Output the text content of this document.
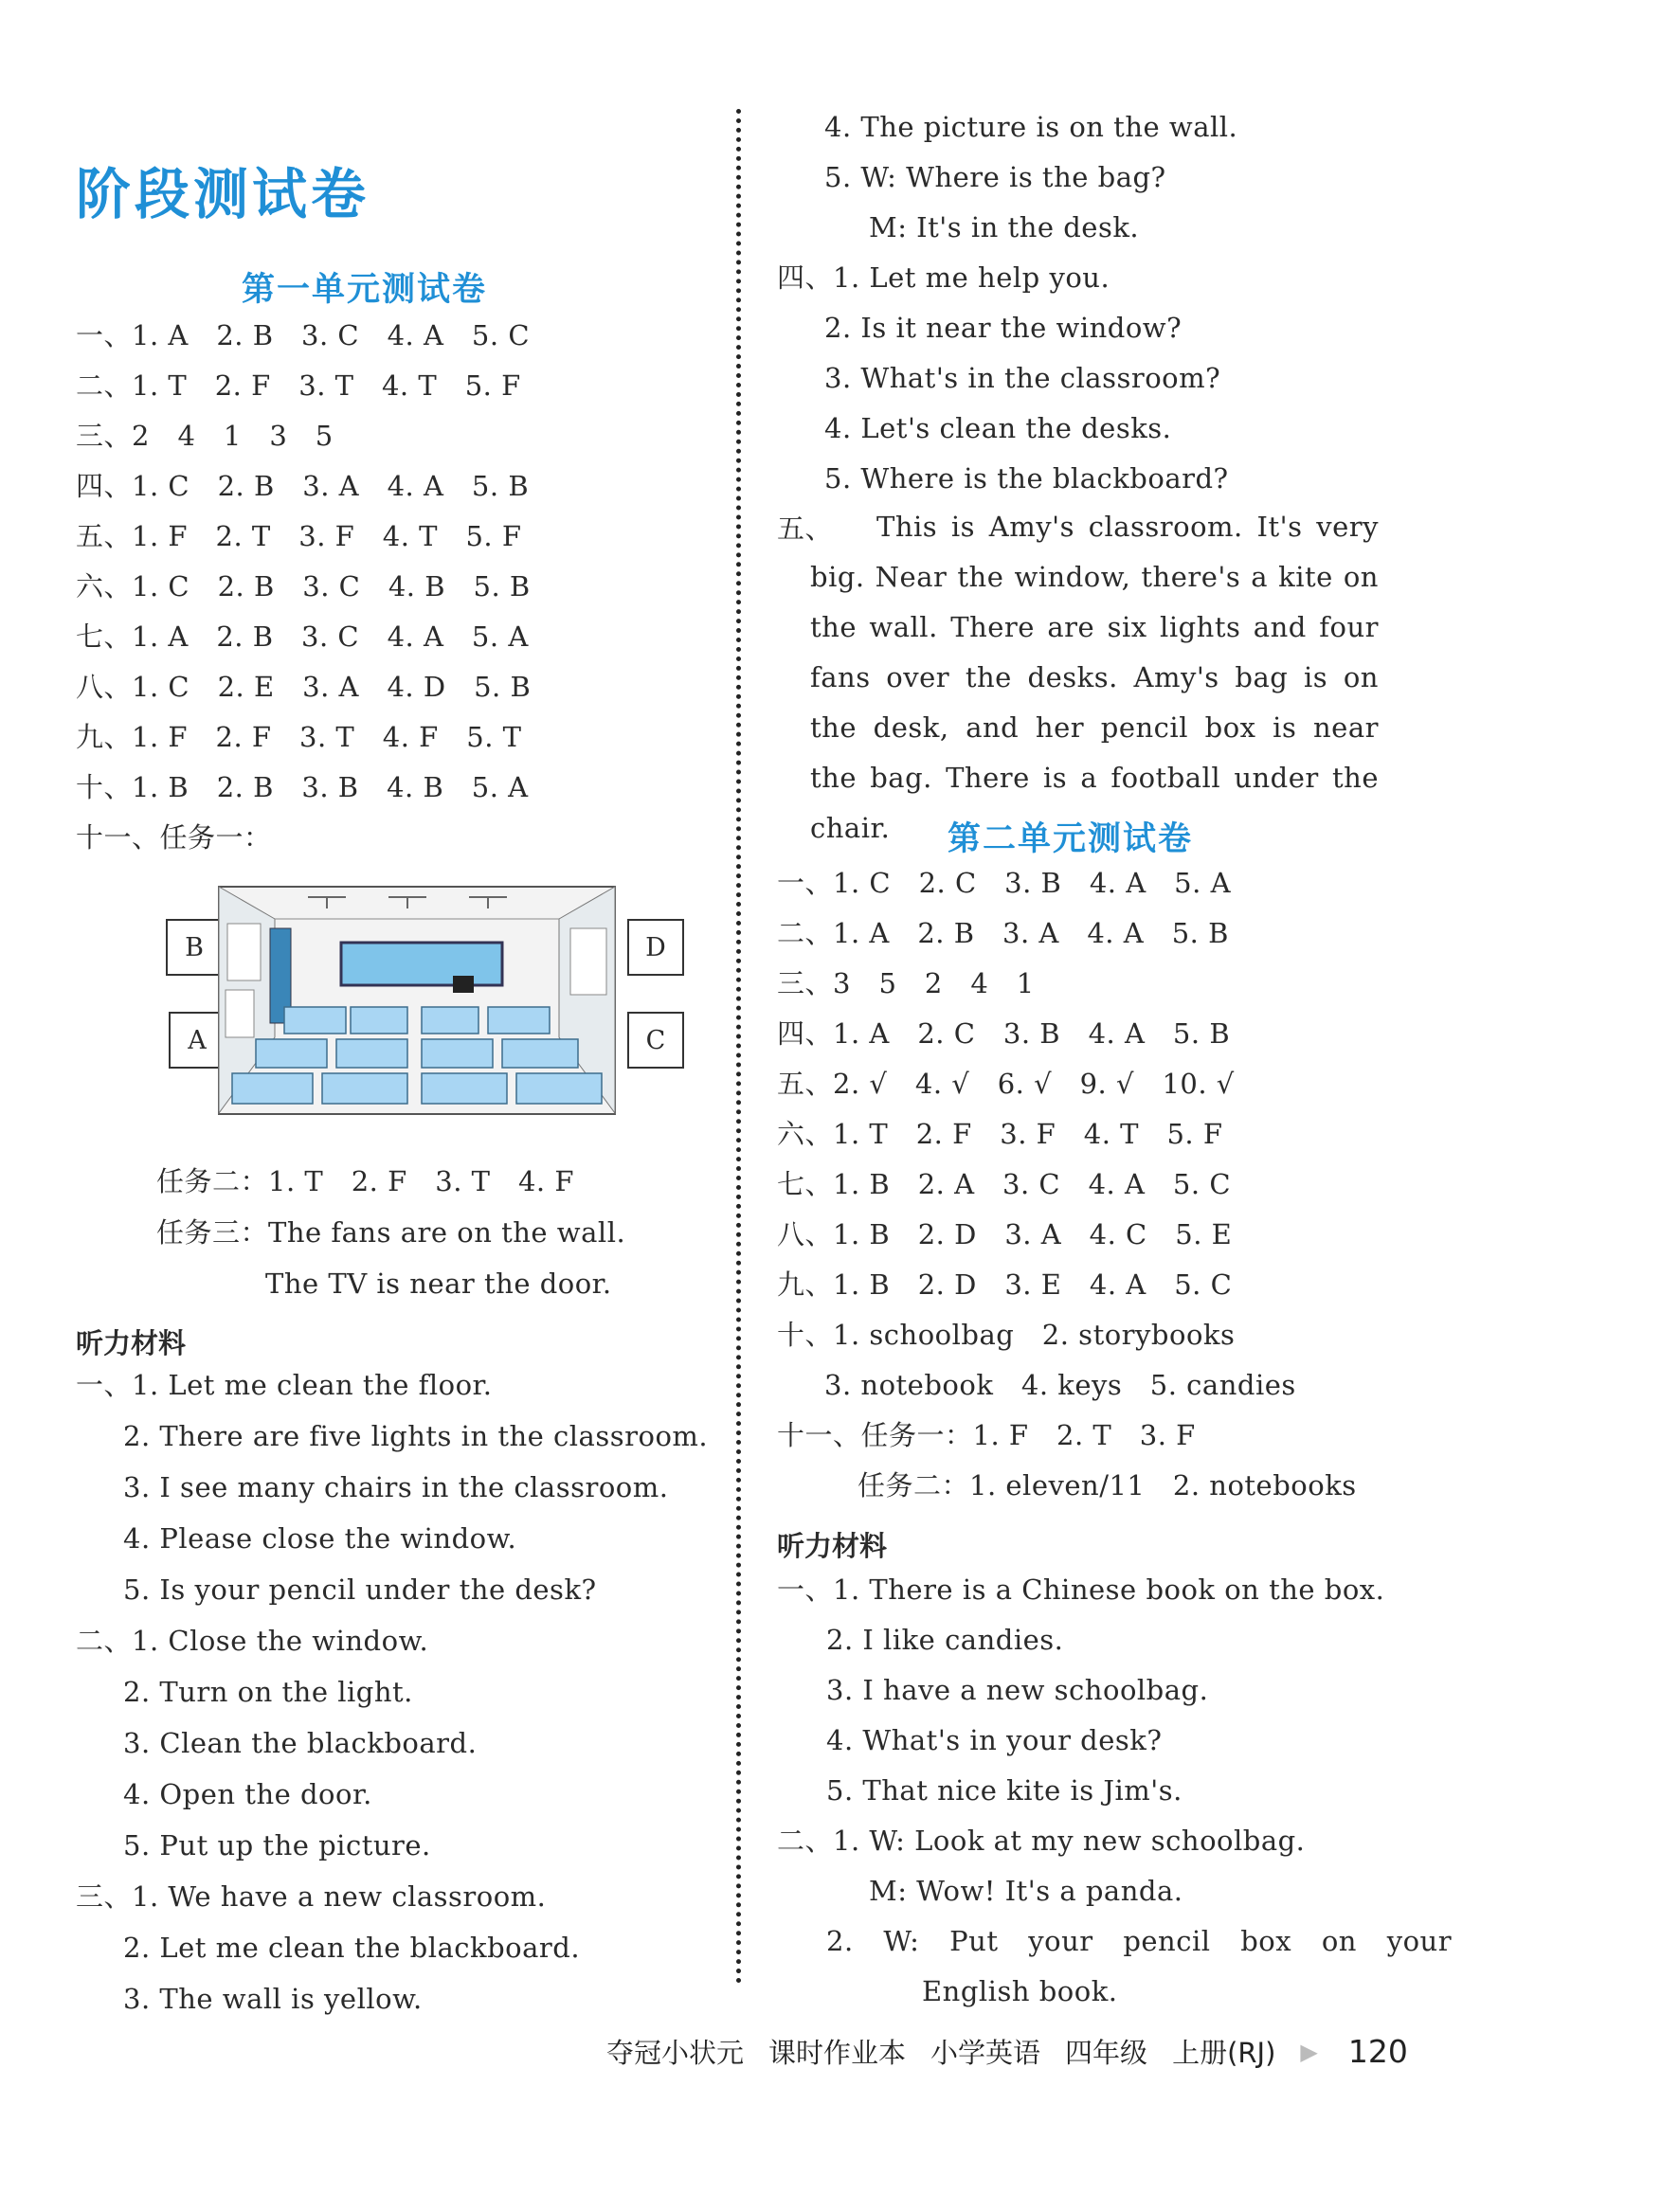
阶段测试卷
第一单元测试卷
一、1. A　2. B　3. C　4. A　5. C
二、1. T　2. F　3. T　4. T　5. F
三、2　4　1　3　5
四、1. C　2. B　3. A　4. A　5. B
五、1. F　2. T　3. F　4. T　5. F
六、1. C　2. B　3. C　4. B　5. B
七、1. A　2. B　3. C　4. A　5. A
八、1. C　2. E　3. A　4. D　5. B
九、1. F　2. F　3. T　4. F　5. T
十、1. B　2. B　3. B　4. B　5. A
十一、任务一：
B
A
D
C
任务二：1. T　2. F　3. T　4. F
任务三：The fans are on the wall.
The TV is near the door.
听力材料
一、1. Let me clean the floor.
2. There are five lights in the classroom.
3. I see many chairs in the classroom.
4. Please close the window.
5. Is your pencil under the desk?
二、1. Close the window.
2. Turn on the light.
3. Clean the blackboard.
4. Open the door.
5. Put up the picture.
三、1. We have a new classroom.
2. Let me clean the blackboard.
3. The wall is yellow.
4. The picture is on the wall.
5. W: Where is the bag?
M: It's in the desk.
四、1. Let me help you.
2. Is it near the window?
3. What's in the classroom?
4. Let's clean the desks.
5. Where is the blackboard?
五、	This is Amy's classroom. It's very big. Near the window, there's a kite on the wall. There are six lights and four fans over the desks. Amy's bag is on the desk, and her pencil box is near the bag. There is a football under the chair.	第二单元测试卷
一、1. C　2. C　3. B　4. A　5. A
二、1. A　2. B　3. A　4. A　5. B
三、3　5　2　4　1
四、1. A　2. C　3. B　4. A　5. B
五、2. √　4. √　6. √　9. √　10. √
六、1. T　2. F　3. F　4. T　5. F
七、1. B　2. A　3. C　4. A　5. C
八、1. B　2. D　3. A　4. C　5. E
九、1. B　2. D　3. E　4. A　5. C
十、1. schoolbag　2. storybooks
3. notebook　4. keys　5. candies
十一、任务一：1. F　2. T　3. F
任务二：1. eleven/11　2. notebooks
听力材料
一、1. There is a Chinese book on the box.
2. I like candies.
3. I have a new schoolbag.
4. What's in your desk?
5. That nice kite is Jim's.
二、1. W: Look at my new schoolbag.
M: Wow! It's a panda.
2. W: Put your pencil box on your
English book.
夺冠小状元 课时作业本 小学英语 四年级 上册(RJ) ▶ 120
